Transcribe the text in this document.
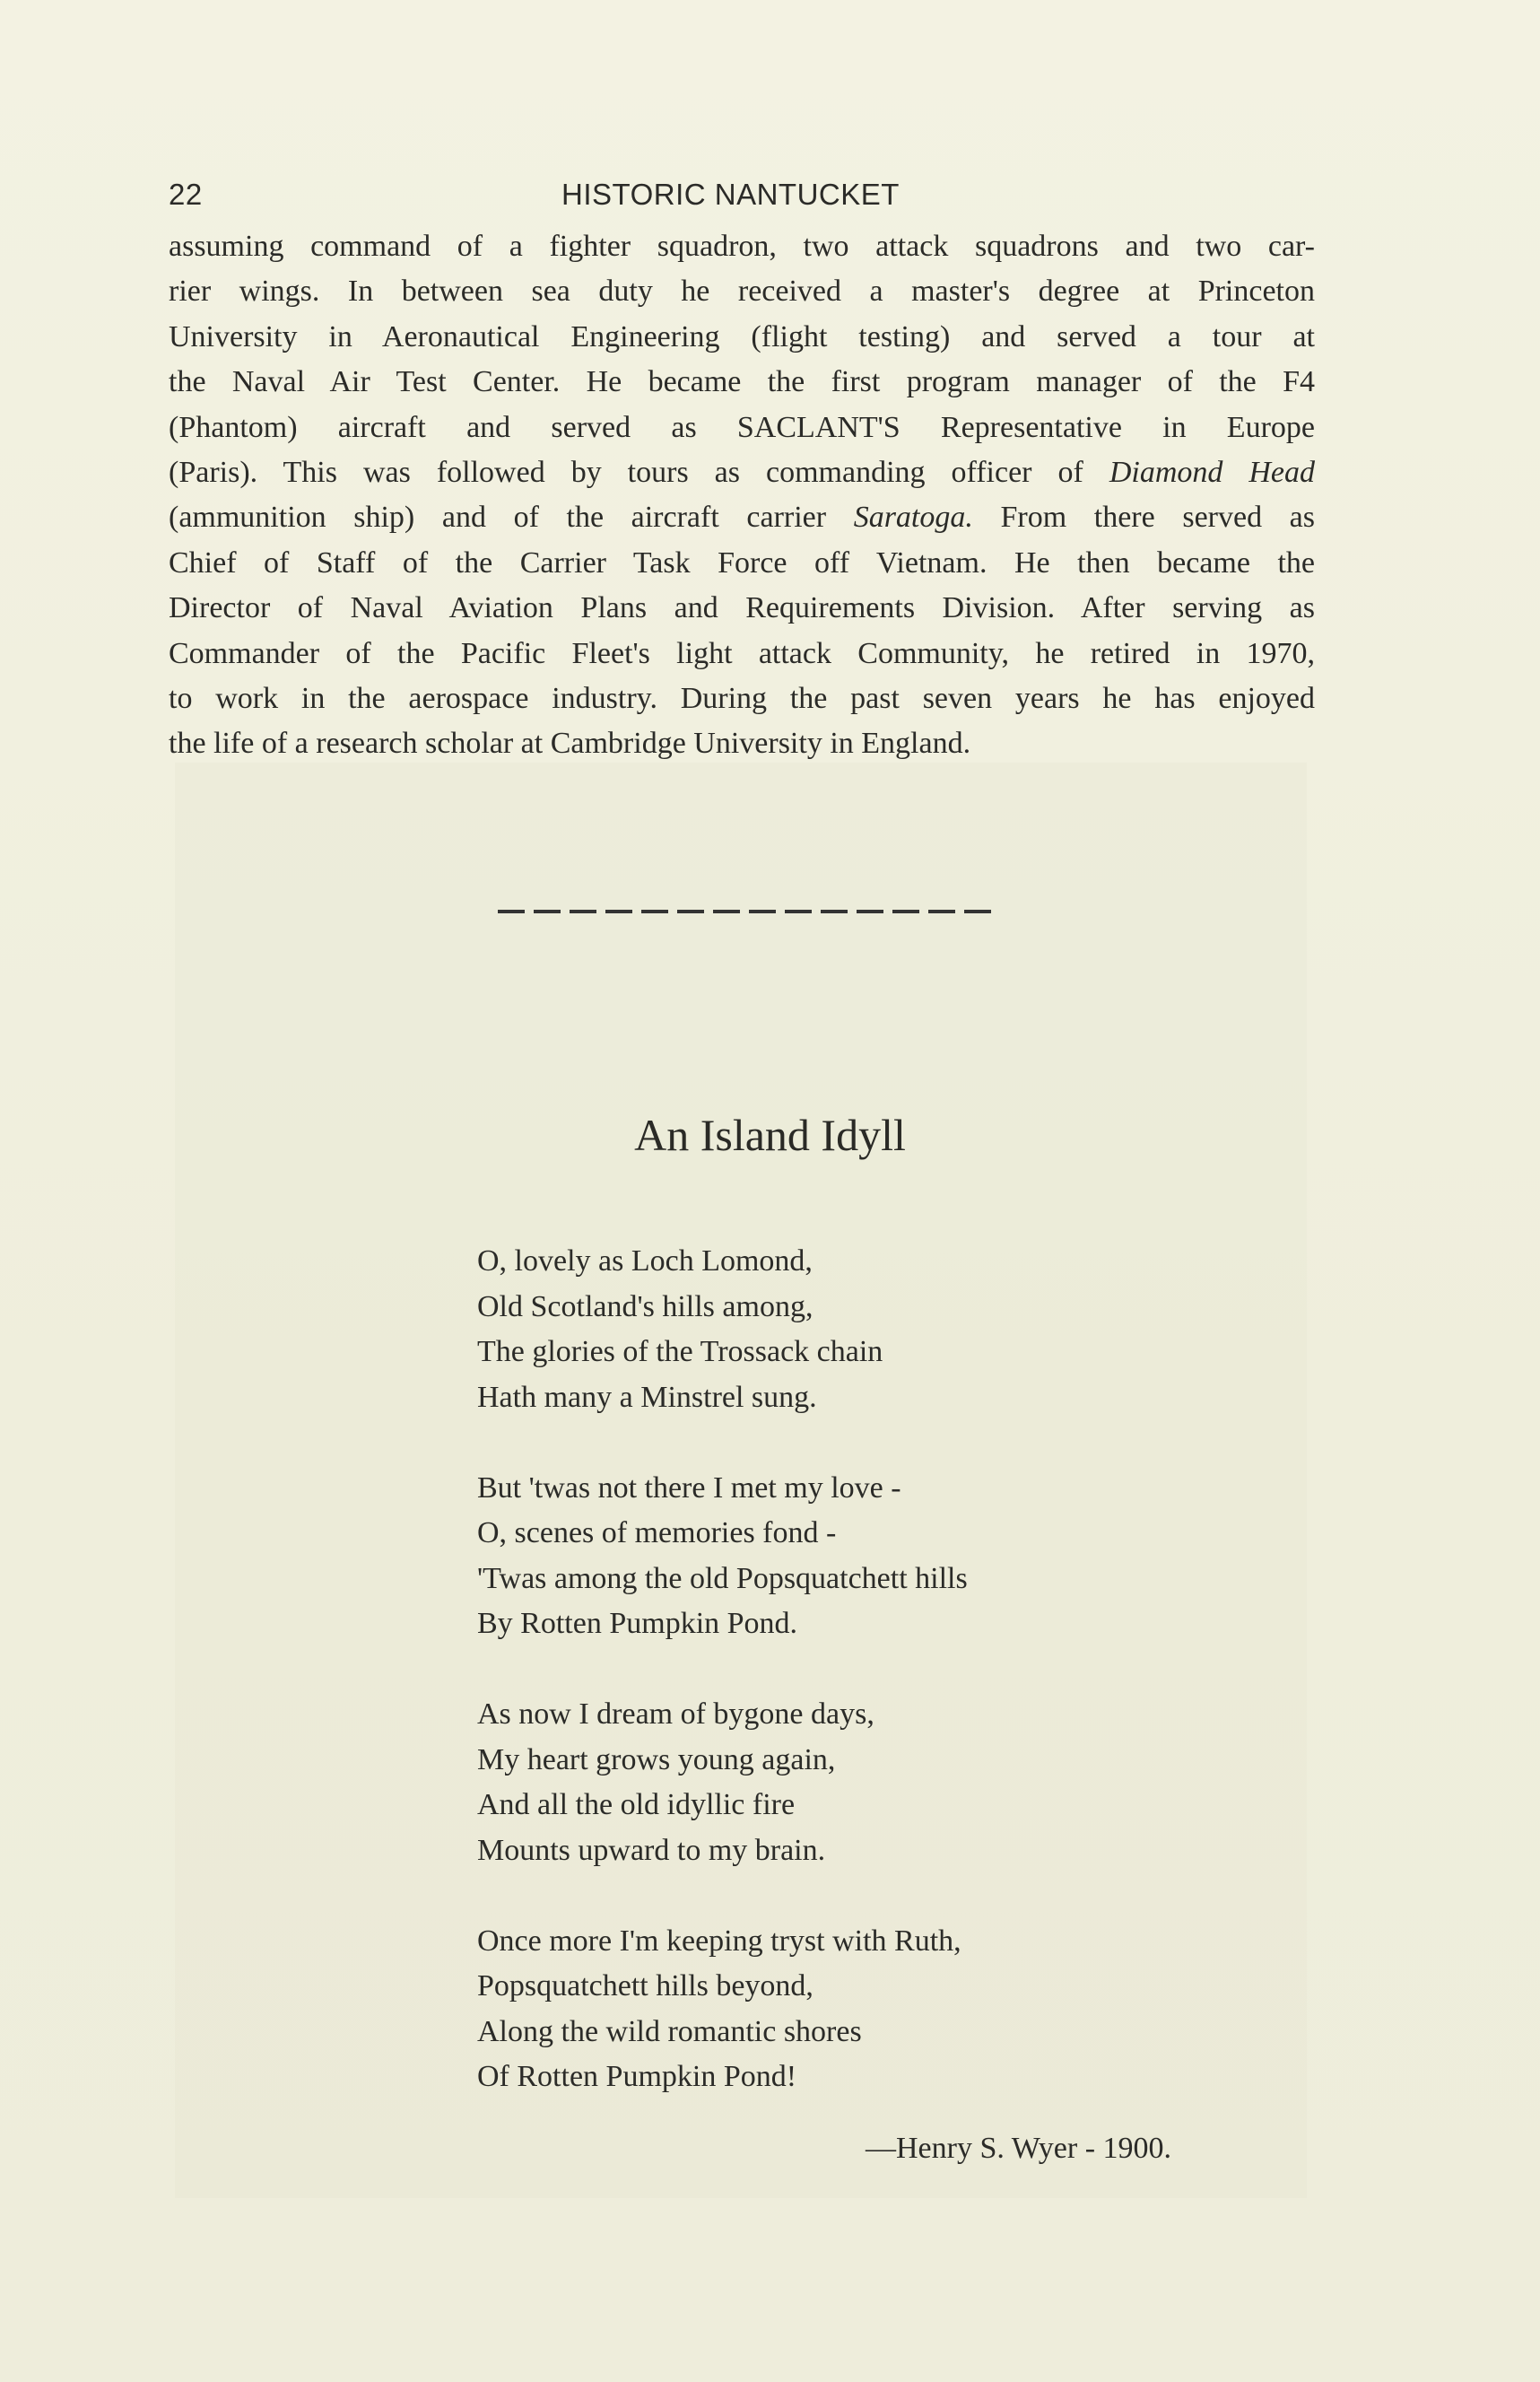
22	HISTORIC NANTUCKET
assuming command of a fighter squadron, two attack squadrons and two car-
rier wings. In between sea duty he received a master's degree at Princeton
University in Aeronautical Engineering (flight testing) and served a tour at
the Naval Air Test Center. He became the first program manager of the F4
(Phantom) aircraft and served as SACLANT'S Representative in Europe
(Paris). This was followed by tours as commanding officer of Diamond Head
(ammunition ship) and of the aircraft carrier Saratoga. From there served as
Chief of Staff of the Carrier Task Force off Vietnam. He then became the
Director of Naval Aviation Plans and Requirements Division. After serving as
Commander of the Pacific Fleet's light attack Community, he retired in 1970,
to work in the aerospace industry. During the past seven years he has enjoyed
the life of a research scholar at Cambridge University in England.
An Island Idyll
O, lovely as Loch Lomond,
Old Scotland's hills among,
The glories of the Trossack chain
Hath many a Minstrel sung.
But 'twas not there I met my love -
O, scenes of memories fond -
'Twas among the old Popsquatchett hills
By Rotten Pumpkin Pond.
As now I dream of bygone days,
My heart grows young again,
And all the old idyllic fire
Mounts upward to my brain.
Once more I'm keeping tryst with Ruth,
Popsquatchett hills beyond,
Along the wild romantic shores
Of Rotten Pumpkin Pond!
—Henry S. Wyer - 1900.
